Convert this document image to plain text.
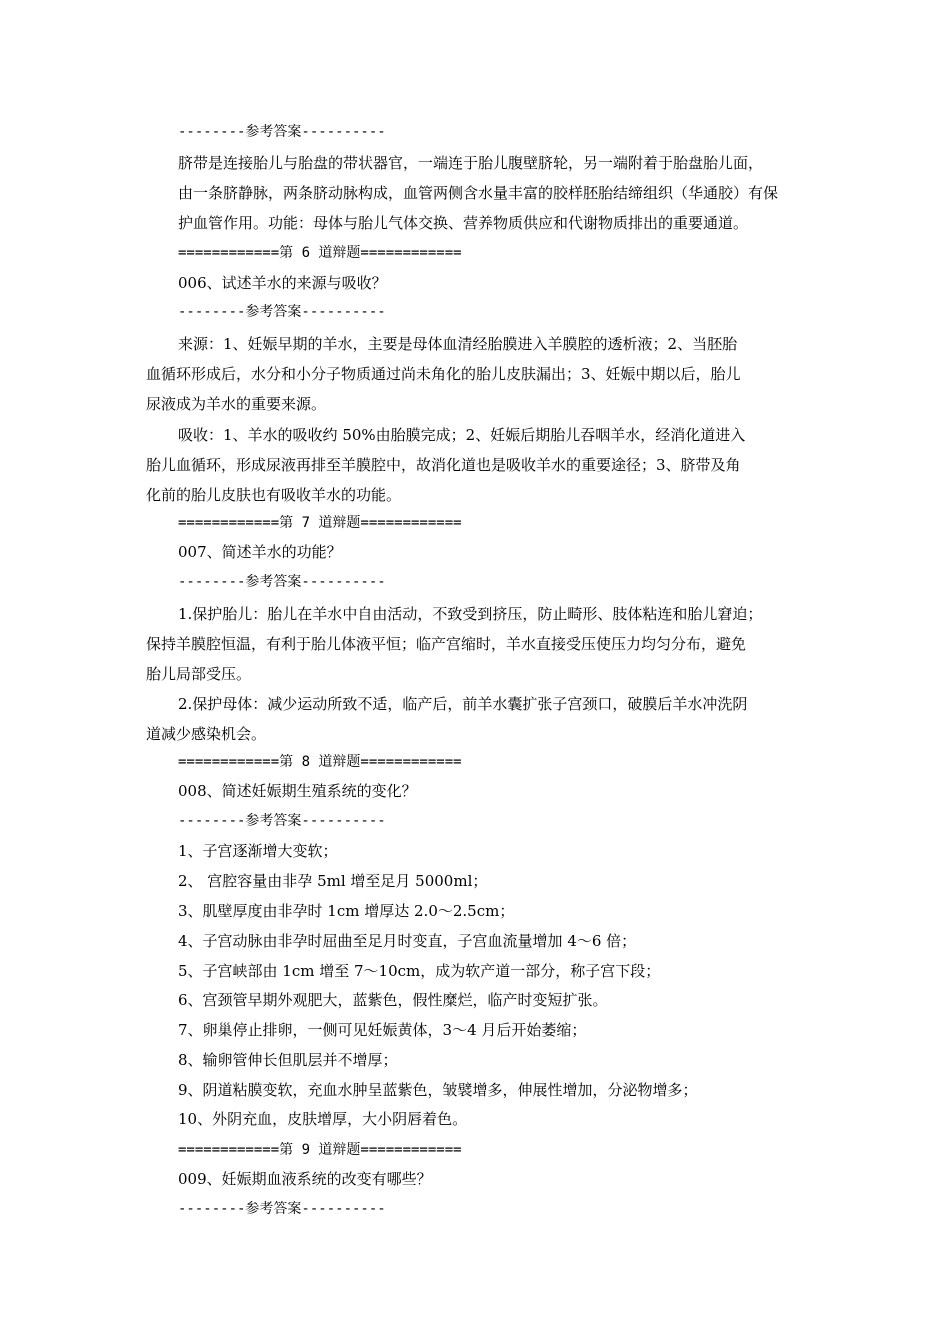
--------参考答案----------
脐带是连接胎儿与胎盘的带状器官，一端连于胎儿腹壁脐轮，另一端附着于胎盘胎儿面，
由一条脐静脉，两条脐动脉构成，血管两侧含水量丰富的胶样胚胎结缔组织（华通胶）有保
护血管作用。功能：母体与胎儿气体交换、营养物质供应和代谢物质排出的重要通道。
============第 6 道辩题============
006、试述羊水的来源与吸收？
--------参考答案----------
来源：1、妊娠早期的羊水，主要是母体血清经胎膜进入羊膜腔的透析液；2、当胚胎
血循环形成后，水分和小分子物质通过尚未角化的胎儿皮肤漏出；3、妊娠中期以后，胎儿
尿液成为羊水的重要来源。
吸收：1、羊水的吸收约 50%由胎膜完成；2、妊娠后期胎儿吞咽羊水，经消化道进入
胎儿血循环，形成尿液再排至羊膜腔中，故消化道也是吸收羊水的重要途径；3、脐带及角
化前的胎儿皮肤也有吸收羊水的功能。
============第 7 道辩题============
007、简述羊水的功能？
--------参考答案----------
1.保护胎儿：胎儿在羊水中自由活动，不致受到挤压，防止畸形、肢体粘连和胎儿窘迫；
保持羊膜腔恒温，有利于胎儿体液平恒；临产宫缩时，羊水直接受压使压力均匀分布，避免
胎儿局部受压。
2.保护母体：减少运动所致不适，临产后，前羊水囊扩张子宫颈口，破膜后羊水冲洗阴
道减少感染机会。
============第 8 道辩题============
008、简述妊娠期生殖系统的变化？
--------参考答案----------
1、子宫逐渐增大变软；
2、 宫腔容量由非孕 5ml 增至足月 5000ml；
3、肌壁厚度由非孕时 1cm 增厚达 2.0～2.5cm；
4、子宫动脉由非孕时屈曲至足月时变直，子宫血流量增加 4～6 倍；
5、子宫峡部由 1cm 增至 7～10cm，成为软产道一部分，称子宫下段；
6、宫颈管早期外观肥大，蓝紫色，假性糜烂，临产时变短扩张。
7、卵巢停止排卵，一侧可见妊娠黄体，3～4 月后开始萎缩；
8、输卵管伸长但肌层并不增厚；
9、阴道粘膜变软，充血水肿呈蓝紫色，皱襞增多，伸展性增加，分泌物增多；
10、外阴充血，皮肤增厚，大小阴唇着色。
============第 9 道辩题============
009、妊娠期血液系统的改变有哪些？
--------参考答案----------
